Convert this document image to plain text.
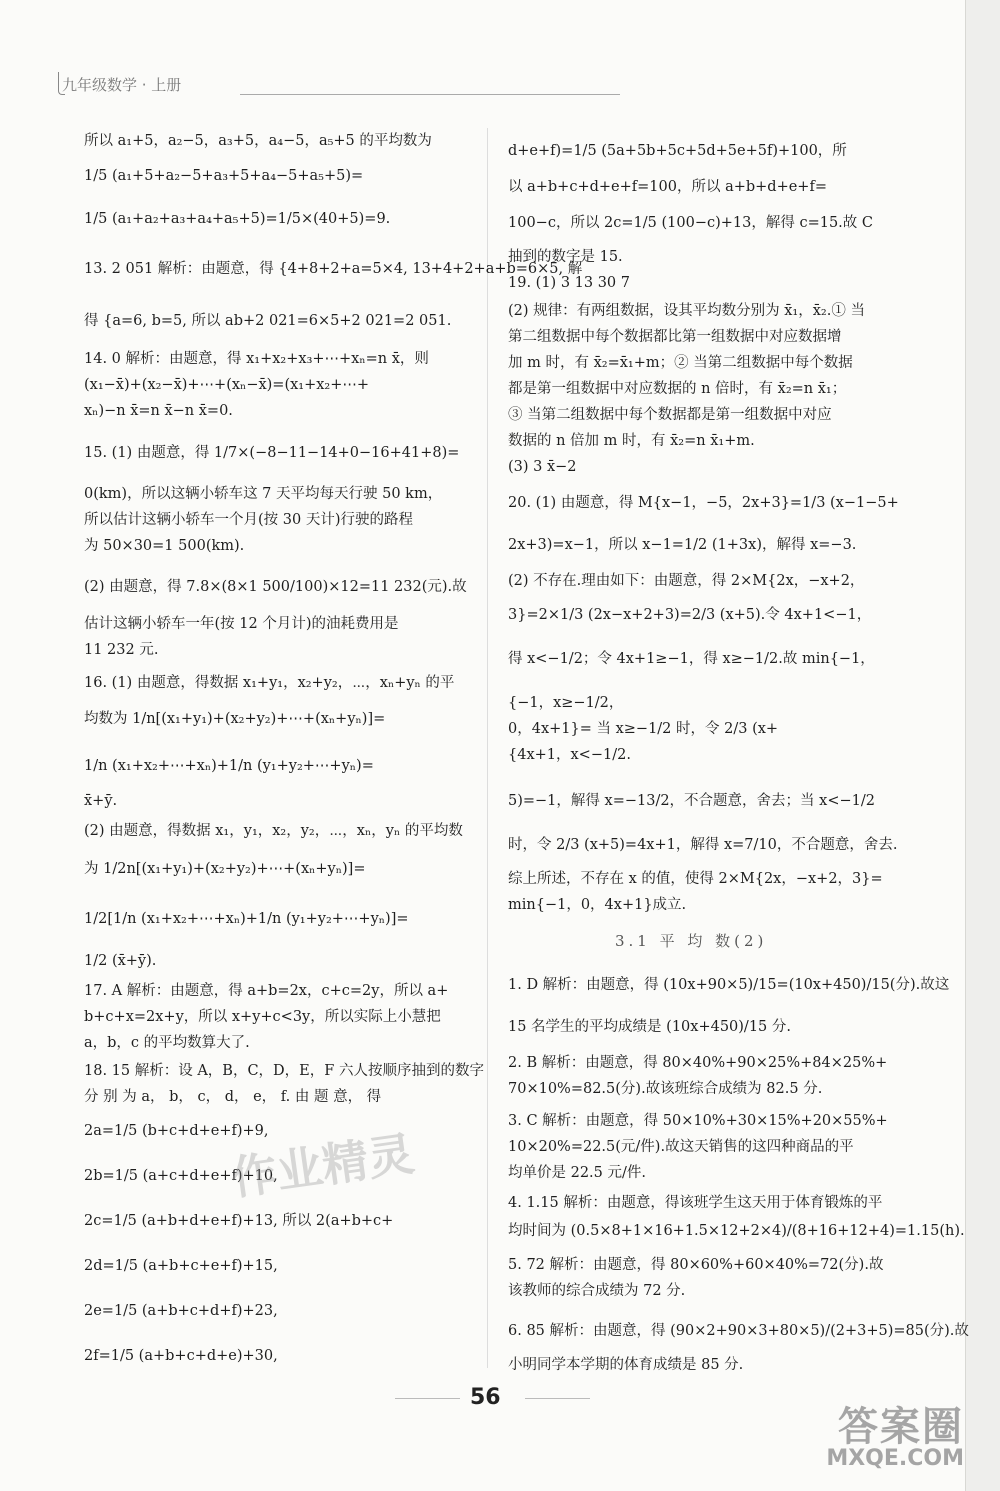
九年级数学 · 上册
所以 a₁+5，a₂−5，a₃+5，a₄−5，a₅+5 的平均数为
1/5 (a₁+5+a₂−5+a₃+5+a₄−5+a₅+5)=
1/5 (a₁+a₂+a₃+a₄+a₅+5)=1/5×(40+5)=9.
13. 2 051 解析：由题意，得 {4+8+2+a=5×4, 13+4+2+a+b=6×5, 解
得 {a=6, b=5, 所以 ab+2 021=6×5+2 021=2 051.
14. 0 解析：由题意，得 x₁+x₂+x₃+⋯+xₙ=n x̄，则
(x₁−x̄)+(x₂−x̄)+⋯+(xₙ−x̄)=(x₁+x₂+⋯+
xₙ)−n x̄=n x̄−n x̄=0.
15. (1) 由题意，得 1/7×(−8−11−14+0−16+41+8)=
0(km)，所以这辆小轿车这 7 天平均每天行驶 50 km，
所以估计这辆小轿车一个月(按 30 天计)行驶的路程
为 50×30=1 500(km).
(2) 由题意，得 7.8×(8×1 500/100)×12=11 232(元).故
估计这辆小轿车一年(按 12 个月计)的油耗费用是
11 232 元.
16. (1) 由题意，得数据 x₁+y₁，x₂+y₂，⋯，xₙ+yₙ 的平
均数为 1/n[(x₁+y₁)+(x₂+y₂)+⋯+(xₙ+yₙ)]=
1/n (x₁+x₂+⋯+xₙ)+1/n (y₁+y₂+⋯+yₙ)=
x̄+ȳ.
(2) 由题意，得数据 x₁，y₁，x₂，y₂，⋯，xₙ，yₙ 的平均数
为 1/2n[(x₁+y₁)+(x₂+y₂)+⋯+(xₙ+yₙ)]=
1/2[1/n (x₁+x₂+⋯+xₙ)+1/n (y₁+y₂+⋯+yₙ)]=
1/2 (x̄+ȳ).
17. A 解析：由题意，得 a+b=2x，c+c=2y，所以 a+
b+c+x=2x+y，所以 x+y+c<3y，所以实际上小慧把
a，b，c 的平均数算大了.
18. 15 解析：设 A，B，C，D，E，F 六人按顺序抽到的数字
分 别 为 a， b， c， d， e， f. 由 题 意， 得
2a=1/5 (b+c+d+e+f)+9,
2b=1/5 (a+c+d+e+f)+10,
2c=1/5 (a+b+d+e+f)+13, 所以 2(a+b+c+
2d=1/5 (a+b+c+e+f)+15,
2e=1/5 (a+b+c+d+f)+23,
2f=1/5 (a+b+c+d+e)+30,
d+e+f)=1/5 (5a+5b+5c+5d+5e+5f)+100，所
以 a+b+c+d+e+f=100，所以 a+b+d+e+f=
100−c，所以 2c=1/5 (100−c)+13，解得 c=15.故 C
抽到的数字是 15.
19. (1) 3 13 30 7
(2) 规律：有两组数据，设其平均数分别为 x̄₁，x̄₂.① 当
第二组数据中每个数据都比第一组数据中对应数据增
加 m 时，有 x̄₂=x̄₁+m；② 当第二组数据中每个数据
都是第一组数据中对应数据的 n 倍时，有 x̄₂=n x̄₁；
③ 当第二组数据中每个数据都是第一组数据中对应
数据的 n 倍加 m 时，有 x̄₂=n x̄₁+m.
(3) 3 x̄−2
20. (1) 由题意，得 M{x−1，−5，2x+3}=1/3 (x−1−5+
2x+3)=x−1，所以 x−1=1/2 (1+3x)，解得 x=−3.
(2) 不存在.理由如下：由题意，得 2×M{2x，−x+2，
3}=2×1/3 (2x−x+2+3)=2/3 (x+5).令 4x+1<−1，
得 x<−1/2；令 4x+1≥−1，得 x≥−1/2.故 min{−1，
{−1，x≥−1/2，
0，4x+1}= 当 x≥−1/2 时，令 2/3 (x+
{4x+1，x<−1/2.
5)=−1，解得 x=−13/2，不合题意，舍去；当 x<−1/2
时，令 2/3 (x+5)=4x+1，解得 x=7/10，不合题意，舍去.
综上所述，不存在 x 的值，使得 2×M{2x，−x+2，3}=
min{−1，0，4x+1}成立.
1. D 解析：由题意，得 (10x+90×5)/15=(10x+450)/15(分).故这
15 名学生的平均成绩是 (10x+450)/15 分.
2. B 解析：由题意，得 80×40%+90×25%+84×25%+
70×10%=82.5(分).故该班综合成绩为 82.5 分.
3. C 解析：由题意，得 50×10%+30×15%+20×55%+
10×20%=22.5(元/件).故这天销售的这四种商品的平
均单价是 22.5 元/件.
4. 1.15 解析：由题意，得该班学生这天用于体育锻炼的平
均时间为 (0.5×8+1×16+1.5×12+2×4)/(8+16+12+4)=1.15(h).
5. 72 解析：由题意，得 80×60%+60×40%=72(分).故
该教师的综合成绩为 72 分.
6. 85 解析：由题意，得 (90×2+90×3+80×5)/(2+3+5)=85(分).故
小明同学本学期的体育成绩是 85 分.
3.1 平 均 数(2)
作业精灵
56
答案圈
MXQE.COM
